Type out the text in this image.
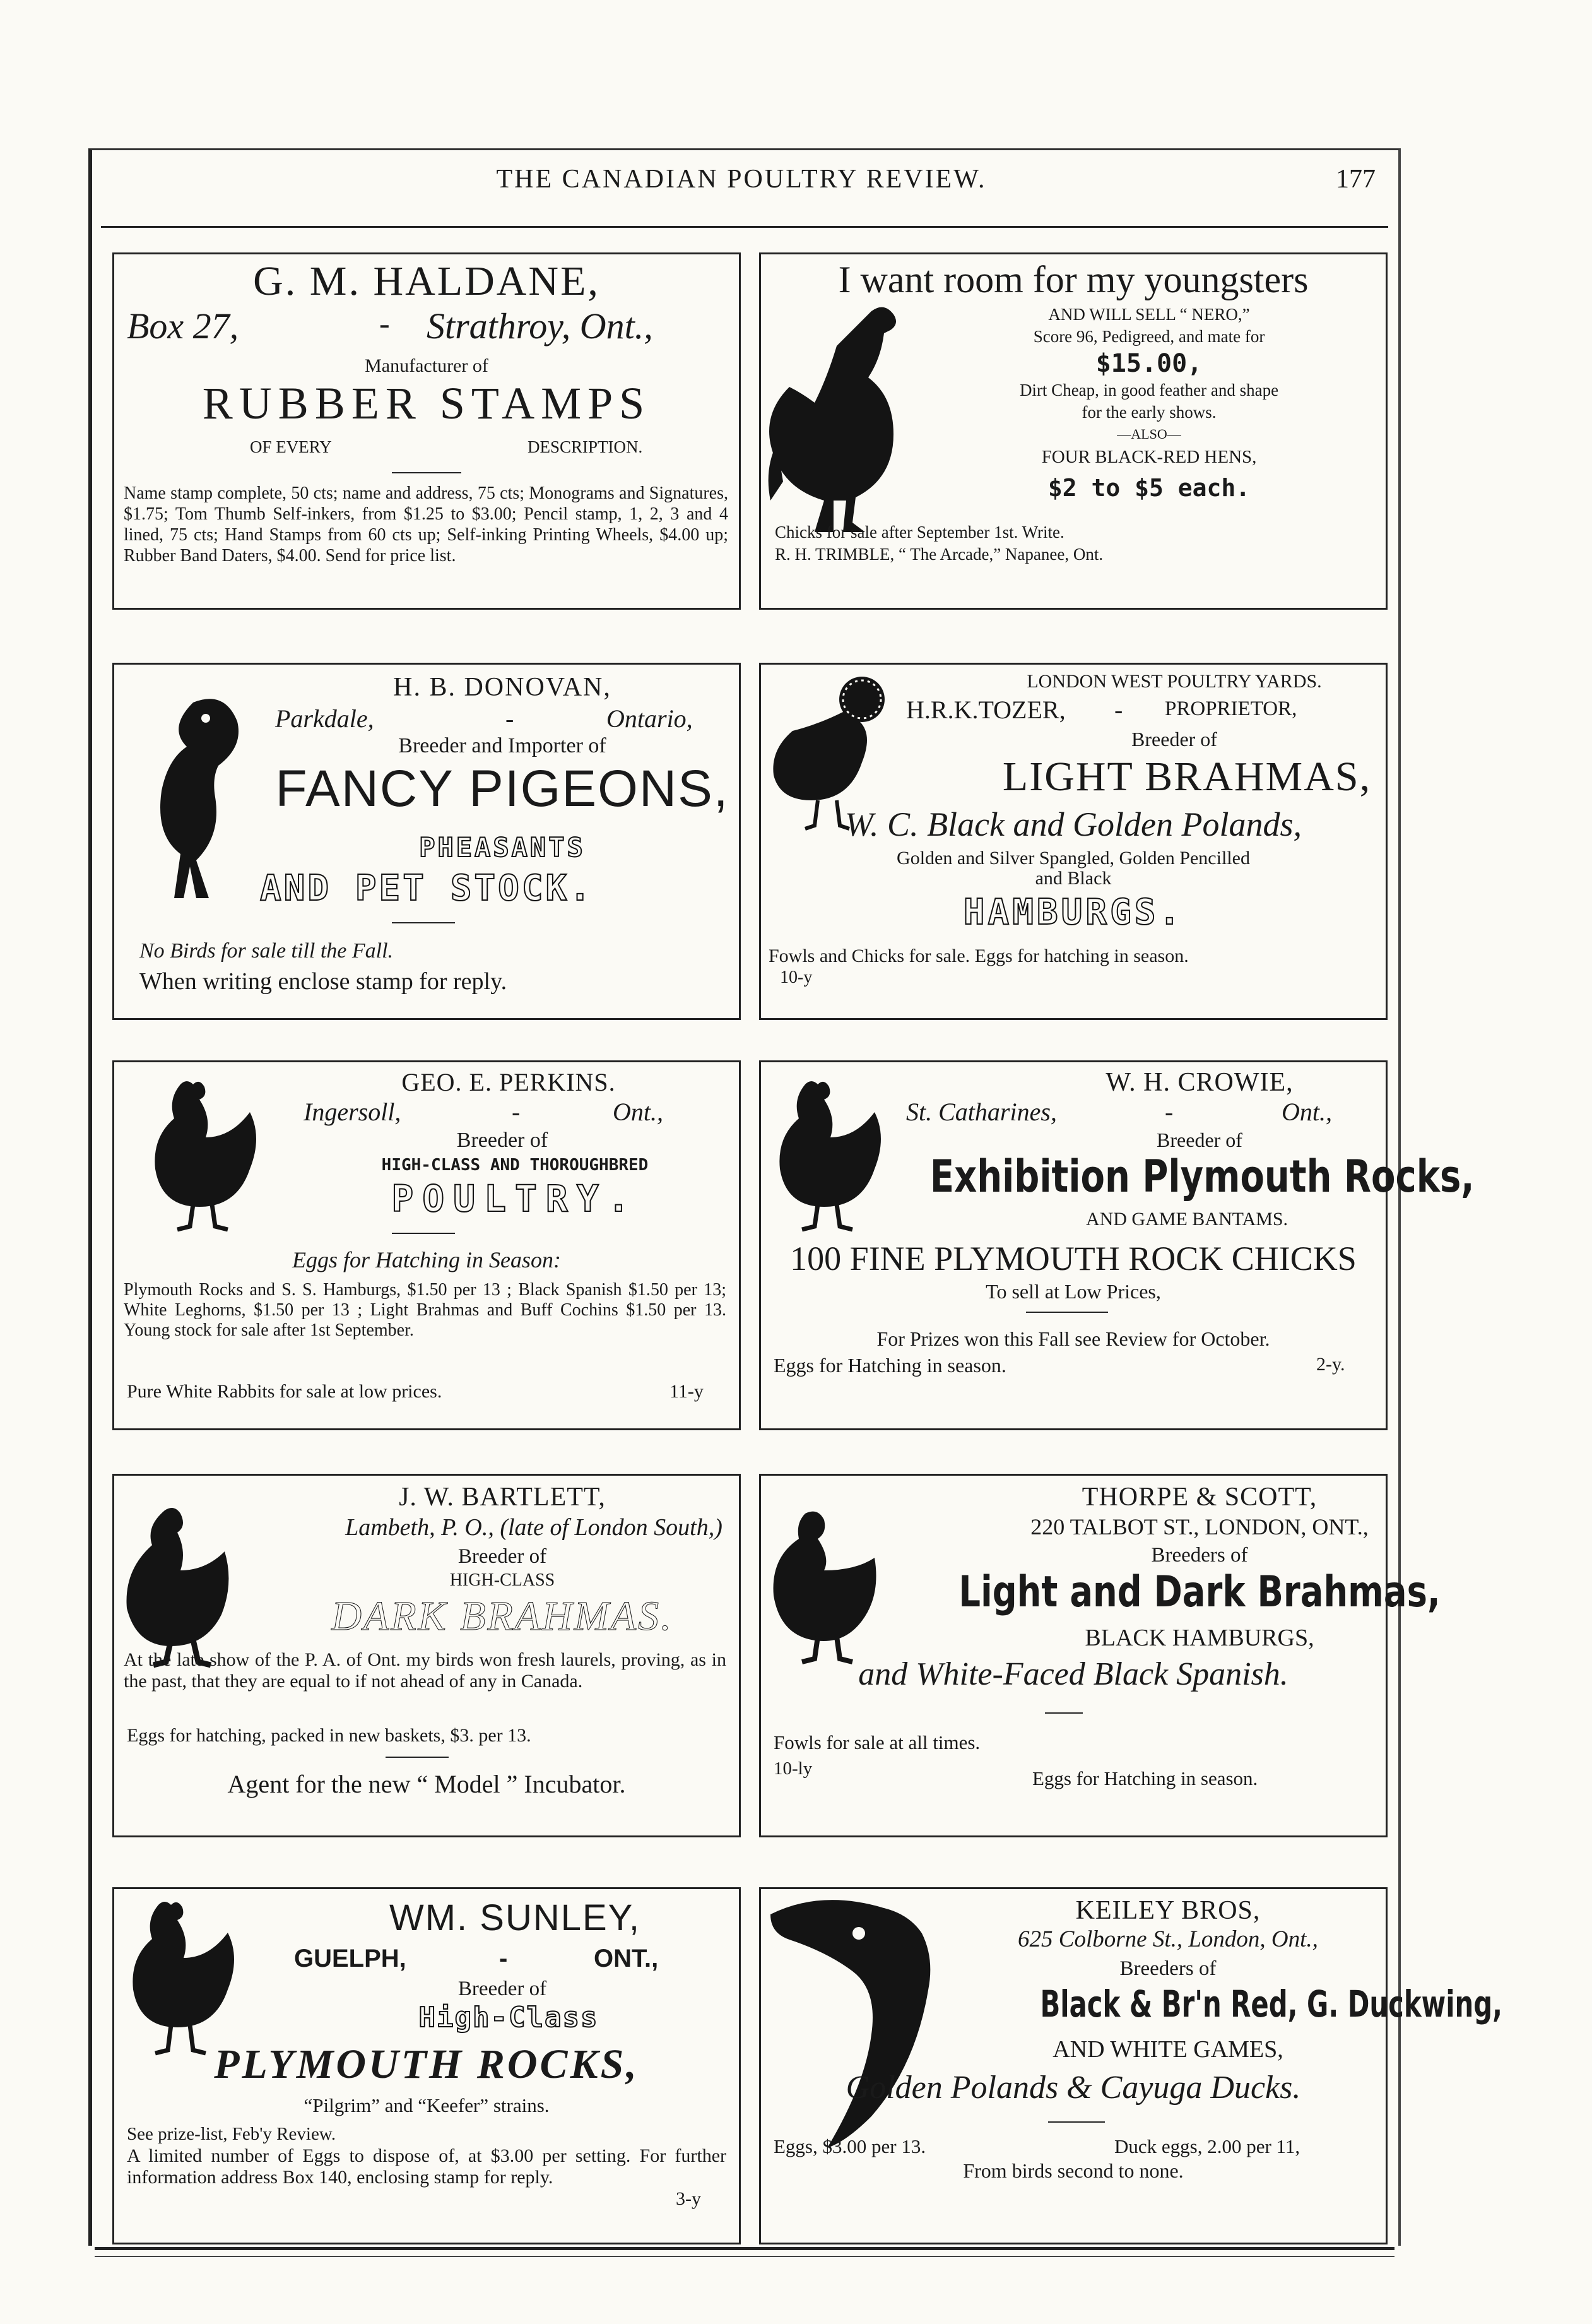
THE CANADIAN POULTRY REVIEW.	177
G. M. HALDANE,
Box 27,	- Strathroy, Ont.,
Manufacturer of
RUBBER STAMPS
OF EVERY	DESCRIPTION.
Name stamp complete, 50 cts; name and address, 75 cts; Monograms and Signatures, $1.75; Tom Thumb Self-inkers, from $1.25 to $3.00; Pencil stamp, 1, 2, 3 and 4 lined, 75 cts; Hand Stamps from 60 cts up; Self-inking Printing Wheels, $4.00 up; Rubber Band Daters, $4.00. Send for price list.
I want room for my youngsters
AND WILL SELL “ NERO,”
Score 96, Pedigreed, and mate for
$15.00,
Dirt Cheap, in good feather and shape
for the early shows.
—ALSO—
FOUR BLACK-RED HENS,
$2 to $5 each.
Chicks for sale after September 1st. Write.
R. H. TRIMBLE, “ The Arcade,” Napanee, Ont.
H. B. DONOVAN,
Parkdale,	-	Ontario,
Breeder and Importer of
FANCY PIGEONS,
PHEASANTS
AND PET STOCK.
No Birds for sale till the Fall.
When writing enclose stamp for reply.
LONDON WEST POULTRY YARDS.
H.R.K.TOZER, - PROPRIETOR,
Breeder of
LIGHT BRAHMAS,
W. C. Black and Golden Polands,
Golden and Silver Spangled, Golden Pencilled
and Black
HAMBURGS.
Fowls and Chicks for sale. Eggs for hatching in season.
10-y
GEO. E. PERKINS.
Ingersoll,	-	Ont.,
Breeder of
HIGH-CLASS AND THOROUGHBRED
POULTRY.
Eggs for Hatching in Season:
Plymouth Rocks and S. S. Hamburgs, $1.50 per 13 ; Black Spanish $1.50 per 13; White Leghorns, $1.50 per 13 ; Light Brahmas and Buff Cochins $1.50 per 13. Young stock for sale after 1st September.
Pure White Rabbits for sale at low prices.	11-y
W. H. CROWIE,
St. Catharines,	-	Ont.,
Breeder of
Exhibition Plymouth Rocks,
AND GAME BANTAMS.
100 FINE PLYMOUTH ROCK CHICKS
To sell at Low Prices,
For Prizes won this Fall see Review for October.
Eggs for Hatching in season.	2-y.
J. W. BARTLETT,
Lambeth, P. O., (late of London South,)
Breeder of
HIGH-CLASS
DARK BRAHMAS.
At the late show of the P. A. of Ont. my birds won fresh laurels, proving, as in the past, that they are equal to if not ahead of any in Canada.
Eggs for hatching, packed in new baskets, $3. per 13.
Agent for the new “ Model ” Incubator.
THORPE & SCOTT,
220 TALBOT ST., LONDON, ONT.,
Breeders of
Light and Dark Brahmas,
BLACK HAMBURGS,
and White-Faced Black Spanish.
Fowls for sale at all times.
10-ly	Eggs for Hatching in season.
WM. SUNLEY,
GUELPH,	-	ONT.,
Breeder of
High-Class
PLYMOUTH ROCKS,
“Pilgrim” and “Keefer” strains.
See prize-list, Feb'y Review.
A limited number of Eggs to dispose of, at $3.00 per setting. For further information address Box 140, enclosing stamp for reply.
3-y
KEILEY BROS,
625 Colborne St., London, Ont.,
Breeders of
Black & Br'n Red, G. Duckwing,
AND WHITE GAMES,
Golden Polands & Cayuga Ducks.
Eggs, $3.00 per 13.	Duck eggs, 2.00 per 11,
From birds second to none.
